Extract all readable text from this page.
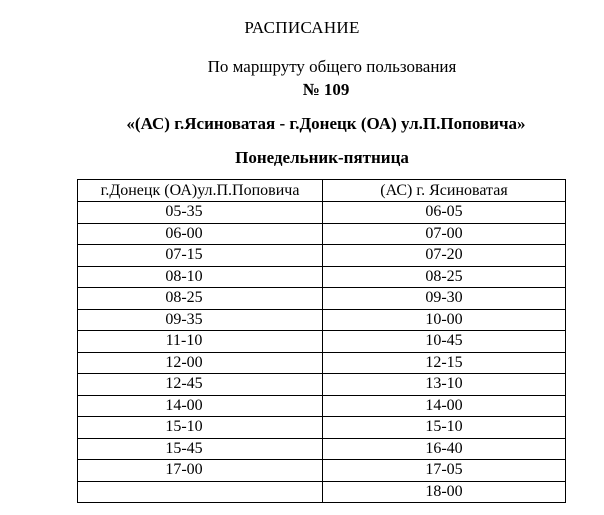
РАСПИСАНИЕ
По маршруту общего пользования
№ 109
«(АС) г.Ясиноватая - г.Донецк (ОА) ул.П.Поповича»
Понедельник-пятница
г.Донецк (ОА)ул.П.Поповича	(АС) г. Ясиноватая
05-35	06-05
06-00	07-00
07-15	07-20
08-10	08-25
08-25	09-30
09-35	10-00
11-10	10-45
12-00	12-15
12-45	13-10
14-00	14-00
15-10	15-10
15-45	16-40
17-00	17-05
	18-00
